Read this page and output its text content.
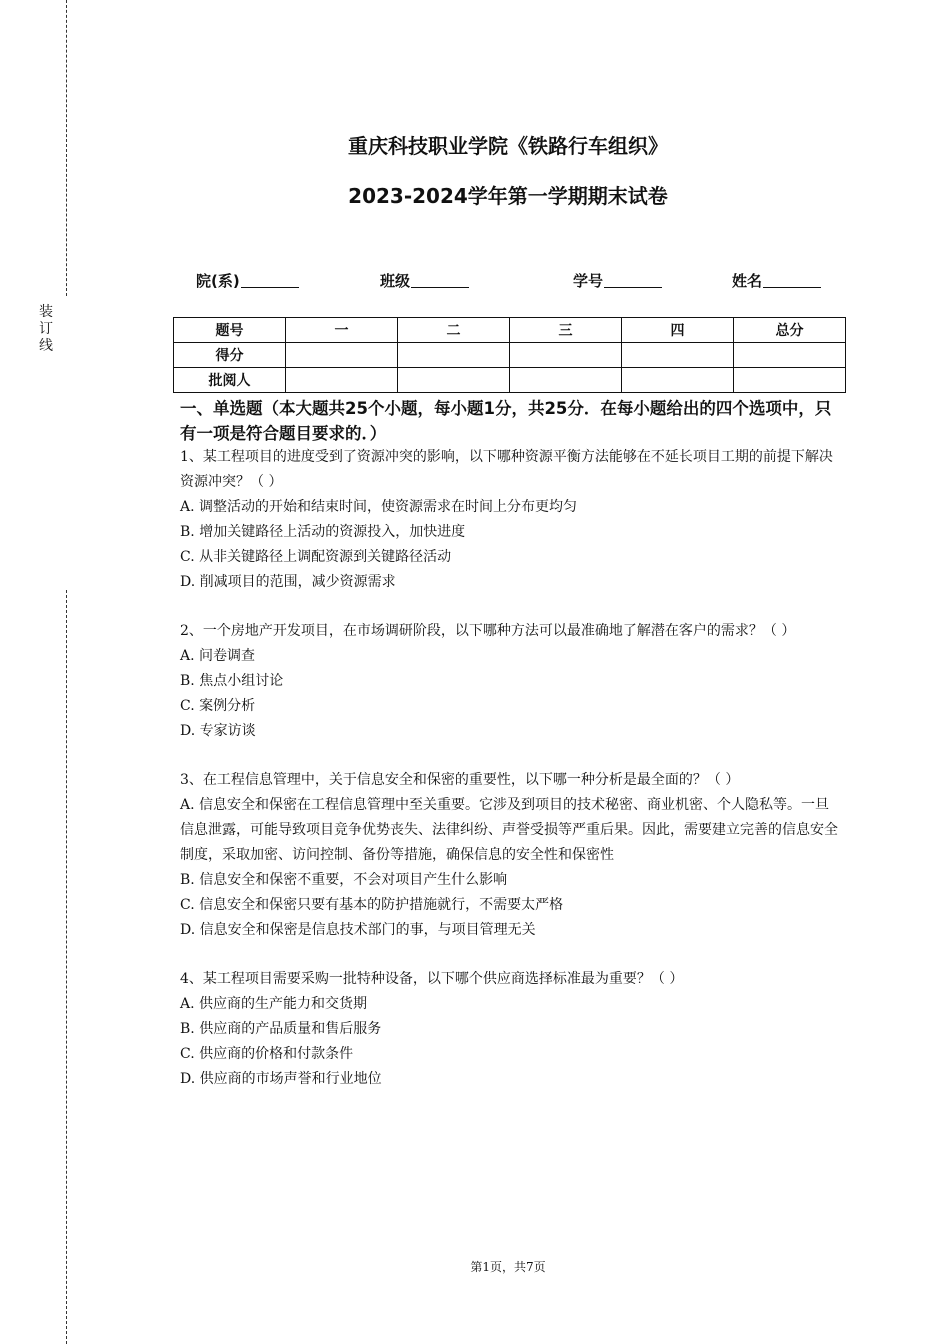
装
订
线
重庆科技职业学院《铁路行车组织》
2023-2024学年第一学期期末试卷
院(系)	班级	学号	姓名
题号	一	二	三	四	总分
得分					
批阅人					
一、单选题（本大题共25个小题，每小题1分，共25分．在每小题给出的四个选项中，只有一项是符合题目要求的．）

1、某工程项目的进度受到了资源冲突的影响，以下哪种资源平衡方法能够在不延长项目工期的前提下解决资源冲突？（ ）

A. 调整活动的开始和结束时间，使资源需求在时间上分布更均匀

B. 增加关键路径上活动的资源投入，加快进度

C. 从非关键路径上调配资源到关键路径活动

D. 削减项目的范围，减少资源需求

2、一个房地产开发项目，在市场调研阶段，以下哪种方法可以最准确地了解潜在客户的需求？（ ）

A. 问卷调查

B. 焦点小组讨论

C. 案例分析

D. 专家访谈

3、在工程信息管理中，关于信息安全和保密的重要性，以下哪一种分析是最全面的？（ ）

A. 信息安全和保密在工程信息管理中至关重要。它涉及到项目的技术秘密、商业机密、个人隐私等。一旦信息泄露，可能导致项目竞争优势丧失、法律纠纷、声誉受损等严重后果。因此，需要建立完善的信息安全制度，采取加密、访问控制、备份等措施，确保信息的安全性和保密性

B. 信息安全和保密不重要，不会对项目产生什么影响

C. 信息安全和保密只要有基本的防护措施就行，不需要太严格

D. 信息安全和保密是信息技术部门的事，与项目管理无关

4、某工程项目需要采购一批特种设备，以下哪个供应商选择标准最为重要？（ ）

A. 供应商的生产能力和交货期

B. 供应商的产品质量和售后服务

C. 供应商的价格和付款条件

D. 供应商的市场声誉和行业地位

第1页，共7页
